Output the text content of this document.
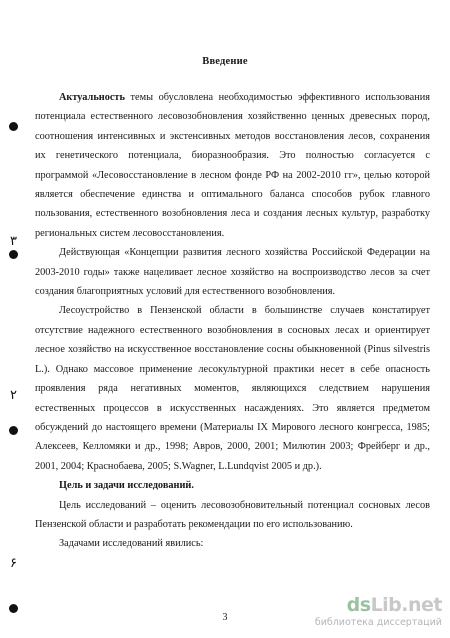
Введение

Актуальность темы обусловлена необходимостью эффективного использования потенциала естественного лесовозобновления хозяйственно ценных древесных пород, соотношения интенсивных и экстенсивных методов восстановления лесов, сохранения их генетического потенциала, биоразнообразия. Это полностью согласуется с программой «Лесовосстановление в лесном фонде РФ на 2002-2010 гг», целью которой является обеспечение единства и оптимального баланса способов рубок главного пользования, естественного возобновления леса и создания лесных культур, разработку региональных систем лесовосстановления.

Действующая «Концепции развития лесного хозяйства Российской Федерации на 2003-2010 годы» также нацеливает лесное хозяйство на воспроизводство лесов за счет создания благоприятных условий для естественного возобновления.

Лесоустройство в Пензенской области в большинстве случаев констатирует отсутствие надежного естественного возобновления в сосновых лесах и ориентирует лесное хозяйство на искусственное восстановление сосны обыкновенной (Pinus silvestris L.). Однако массовое применение лесокультурной практики несет в себе опасность проявления ряда негативных моментов, являющихся следствием нарушения естественных процессов в искусственных насаждениях. Это является предметом обсуждений до настоящего времени (Материалы IX Мирового лесного конгресса, 1985; Алексеев, Келломяки и др., 1998; Авров, 2000, 2001; Милютин 2003; Фрейберг и др., 2001, 2004; Краснобаева, 2005; S.Wagner, L.Lundqvist 2005 и др.).

Цель и задачи исследований.

Цель исследований – оценить лесовозобновительный потенциал сосновых лесов Пензенской области и разработать рекомендации по его использованию.

Задачами исследований явились:

3
۳
۲
۶
dsLib.net
библиотека диссертаций
